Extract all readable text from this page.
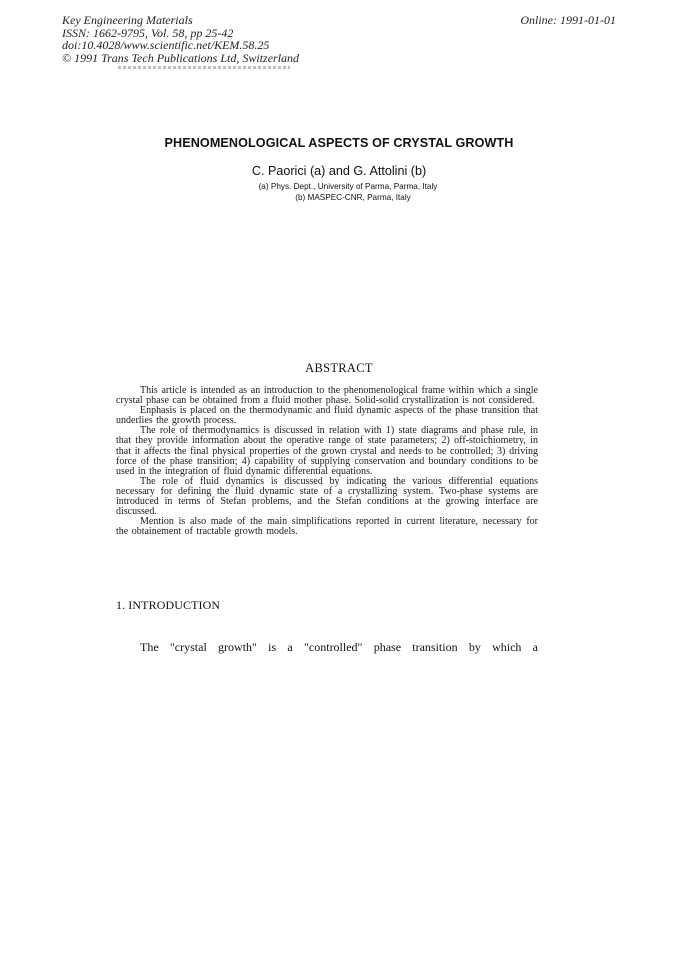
Key Engineering Materials
ISSN: 1662-9795, Vol. 58, pp 25-42
doi:10.4028/www.scientific.net/KEM.58.25
© 1991 Trans Tech Publications Ltd, Switzerland
Online: 1991-01-01
PHENOMENOLOGICAL ASPECTS OF CRYSTAL GROWTH
C. Paorici (a) and G. Attolini (b)
(a) Phys. Dept., University of Parma, Parma, Italy
(b) MASPEC-CNR, Parma, Italy
ABSTRACT

This article is intended as an introduction to the phenomenological frame within which a single crystal phase can be obtained from a fluid mother phase. Solid-solid crystallization is not considered.

Enphasis is placed on the thermodynamic and fluid dynamic aspects of the phase transition that underlies the growth process.

The role of thermodynamics is discussed in relation with 1) state diagrams and phase rule, in that they provide information about the operative range of state parameters; 2) off-stoichiometry, in that it affects the final physical properties of the grown crystal and needs to be controlled; 3) driving force of the phase transition; 4) capability of supplying conservation and boundary conditions to be used in the integration of fluid dynamic differential equations.

The role of fluid dynamics is discussed by indicating the various differential equations necessary for defining the fluid dynamic state of a crystallizing system. Two-phase systems are introduced in terms of Stefan problems, and the Stefan conditions at the growing interface are discussed.

Mention is also made of the main simplifications reported in current literature, necessary for the obtainement of tractable growth models.

1. INTRODUCTION
The "crystal growth" is a "controlled" phase transition by which a
